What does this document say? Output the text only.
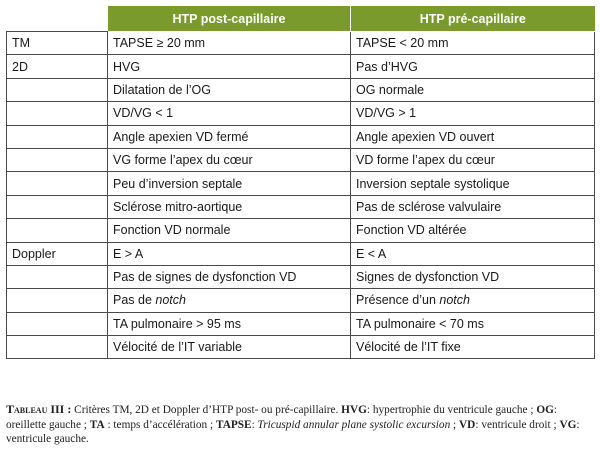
	HTP post-capillaire	HTP pré-capillaire
TM	TAPSE ≥ 20 mm	TAPSE < 20 mm
2D	HVG	Pas d’HVG
	Dilatation de l’OG	OG normale
	VD/VG < 1	VD/VG > 1
	Angle apexien VD fermé	Angle apexien VD ouvert
	VG forme l’apex du cœur	VD forme l’apex du cœur
	Peu d’inversion septale	Inversion septale systolique
	Sclérose mitro-aortique	Pas de sclérose valvulaire
	Fonction VD normale	Fonction VD altérée
Doppler	E > A	E < A
	Pas de signes de dysfonction VD	Signes de dysfonction VD
	Pas de notch	Présence d’un notch
	TA pulmonaire > 95 ms	TA pulmonaire < 70 ms
	Vélocité de l’IT variable	Vélocité de l’IT fixe
Tableau III : Critères TM, 2D et Doppler d’HTP post- ou pré-capillaire. HVG: hypertrophie du ventricule gauche ; OG: oreillette gauche ; TA : temps d’accélération ; TAPSE: Tricuspid annular plane systolic excursion ; VD: ventricule droit ; VG: ventricule gauche.
